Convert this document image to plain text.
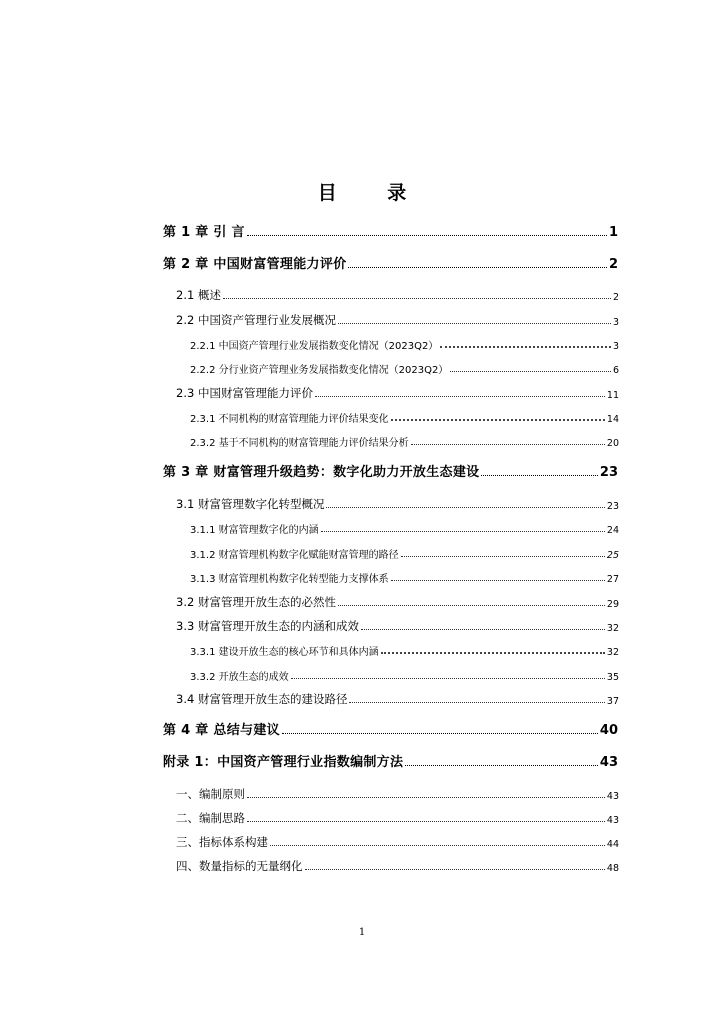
目 录
第 1 章 引 言	1
第 2 章 中国财富管理能力评价	2
2.1 概述	2
2.2 中国资产管理行业发展概况	3
2.2.1 中国资产管理行业发展指数变化情况（2023Q2）	3
2.2.2 分行业资产管理业务发展指数变化情况（2023Q2）	6
2.3 中国财富管理能力评价	11
2.3.1 不同机构的财富管理能力评价结果变化	14
2.3.2 基于不同机构的财富管理能力评价结果分析	20
第 3 章 财富管理升级趋势：数字化助力开放生态建设	23
3.1 财富管理数字化转型概况	23
3.1.1 财富管理数字化的内涵	24
3.1.2 财富管理机构数字化赋能财富管理的路径	25
3.1.3 财富管理机构数字化转型能力支撑体系	27
3.2 财富管理开放生态的必然性	29
3.3 财富管理开放生态的内涵和成效	32
3.3.1 建设开放生态的核心环节和具体内涵	32
3.3.2 开放生态的成效	35
3.4 财富管理开放生态的建设路径	37
第 4 章 总结与建议	40
附录 1：中国资产管理行业指数编制方法	43
一、编制原则	43
二、编制思路	43
三、指标体系构建	44
四、数量指标的无量纲化	48
1
